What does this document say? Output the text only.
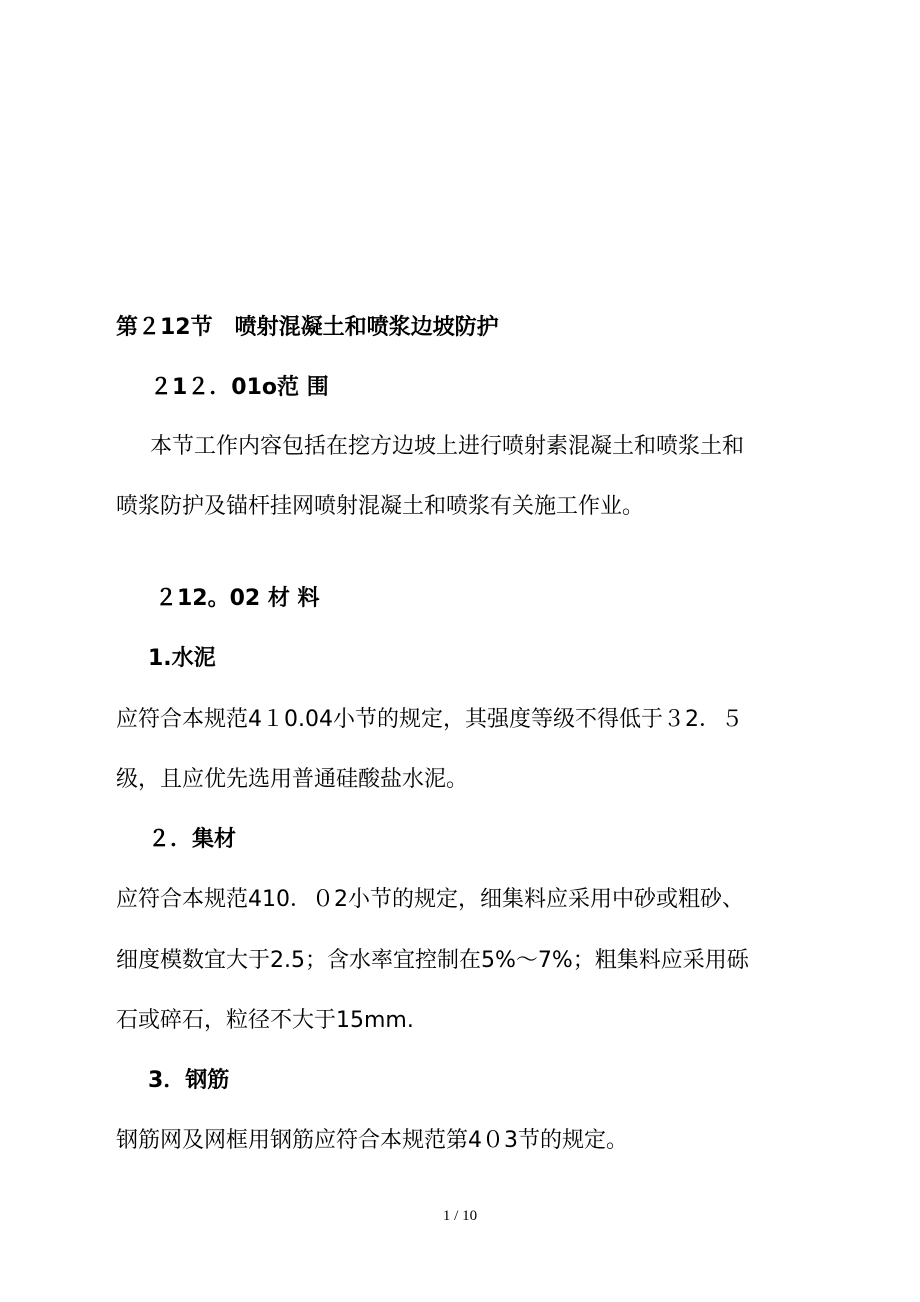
第２12节　喷射混凝土和喷浆边坡防护
２1２．01o范 围
本节工作内容包括在挖方边坡上进行喷射素混凝土和喷浆土和
喷浆防护及锚杆挂网喷射混凝土和喷浆有关施工作业。
２12。02 材 料
1.水泥
应符合本规范4１0.04小节的规定，其强度等级不得低于３2．５
级，且应优先选用普通硅酸盐水泥。
２．集材
应符合本规范410．０2小节的规定，细集料应采用中砂或粗砂、
细度模数宜大于2.5；含水率宜控制在5%～7%；粗集料应采用砾
石或碎石，粒径不大于15mm.
3．钢筋
钢筋网及网框用钢筋应符合本规范第4０3节的规定。
1 / 10
